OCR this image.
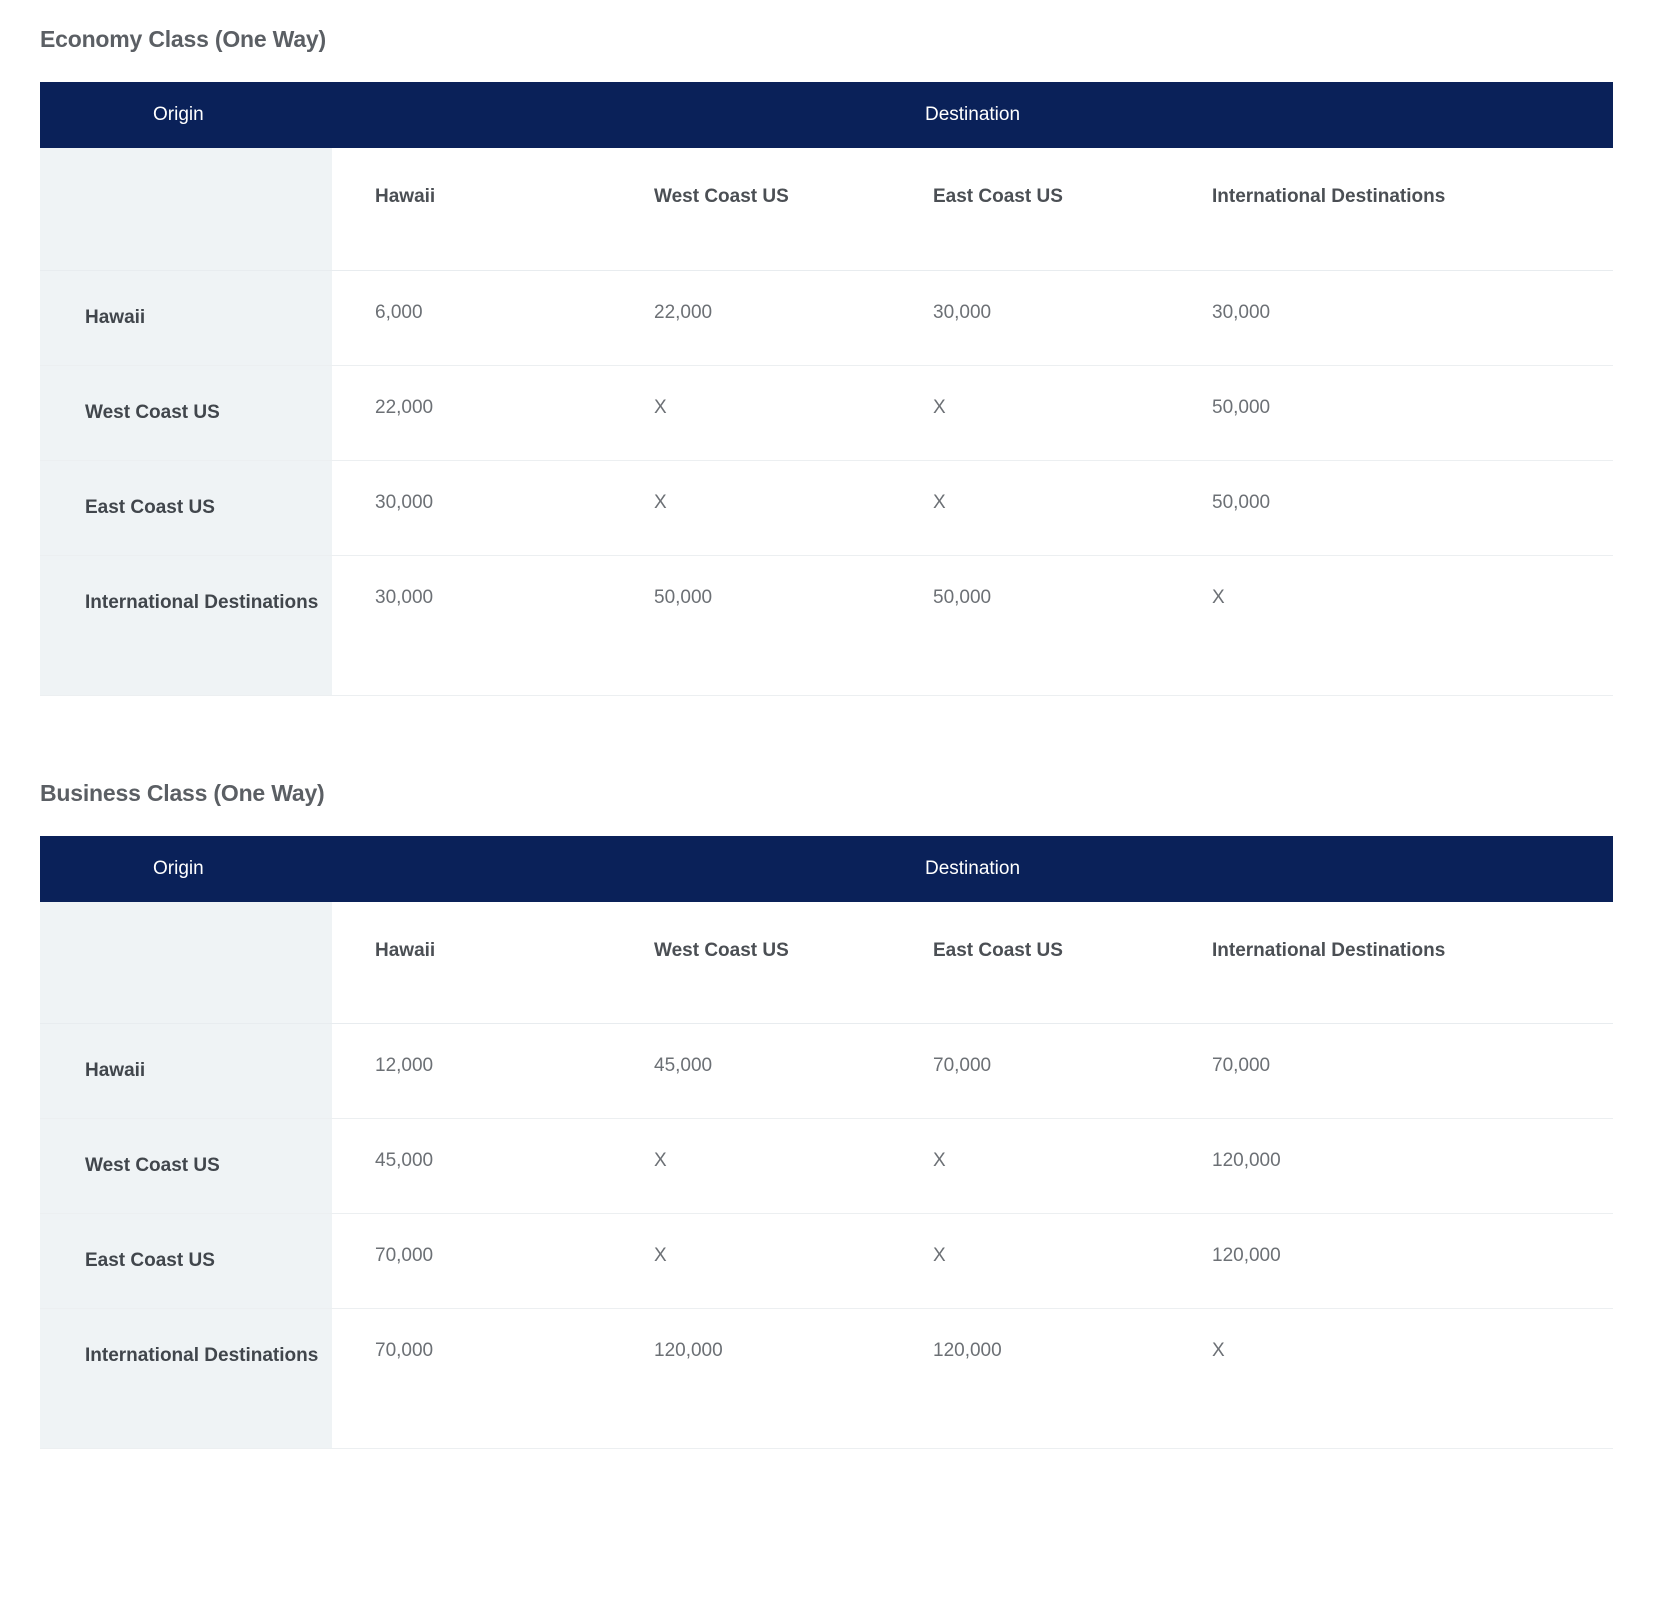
Economy Class (One Way)
Origin	Destination			
	Hawaii	West Coast US	East Coast US	International Destinations
Hawaii	6,000	22,000	30,000	30,000
West Coast US	22,000	X	X	50,000
East Coast US	30,000	X	X	50,000
International Destinations	30,000	50,000	50,000	X
Business Class (One Way)
Origin	Destination			
	Hawaii	West Coast US	East Coast US	International Destinations
Hawaii	12,000	45,000	70,000	70,000
West Coast US	45,000	X	X	120,000
East Coast US	70,000	X	X	120,000
International Destinations	70,000	120,000	120,000	X
